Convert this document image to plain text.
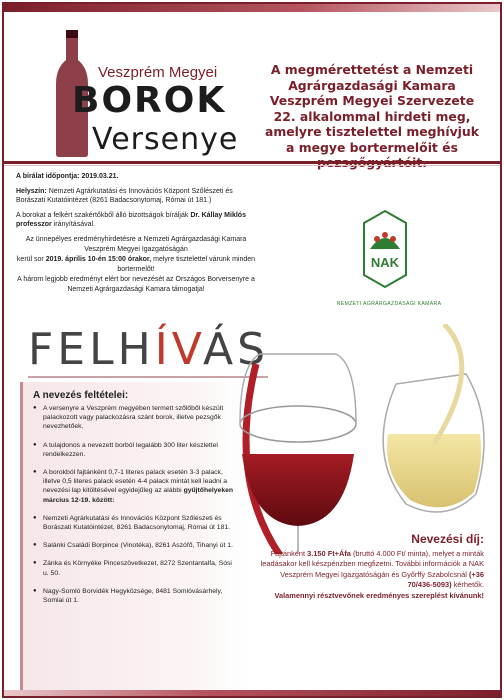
Veszprém Megyei
BOROK
Versenye
A megmérettetést a Nemzeti Agrárgazdasági Kamara Veszprém Megyei Szervezete 22. alkalommal hirdeti meg, amelyre tisztelettel meghívjuk a megye bortermelőit és

A bírálat időpontja: 2019.03.21.

Helyszín: Nemzeti Agrárkutatási és Innovációs Központ Szőlészeti és Borászati Kutatóintézet (8261 Badacsonytomaj, Római út 181.)

A borokat a felkért szakértőkből álló bizottságok bírálják Dr. Kállay Miklós professzor irányításával.

Az ünnepélyes eredményhirdetésre a Nemzeti Agrárgazdasági Kamara Veszprém Megyei Igazgatóságán

kerül sor 2019. április 10-én 15:00 órakor, melyre tisztelettel várunk minden bortermelőt!

A három legjobb eredményt elért bor nevezését az Országos Borversenyre a Nemzeti Agrárgazdasági Kamara támogatja!

NAK
NEMZETI AGRÁRGAZDASÁGI KAMARA
FELHÍVÁS
A nevezés feltételei:
● A versenyre a Veszprém megyében termett szőlőből készült palackozott vagy palackozásra szánt borok, illetve pezsgők nevezhetőek.
● A tulajdonos a nevezett borból legalább 300 liter készlettel rendelkezzen.
● A borokból fajtánként 0,7-1 literes palack esetén 3-3 palack, illetve 0,5 literes palack esetén 4-4 palack mintát kell leadni a nevezési lap kitöltésével egyidejűleg az alábbi gyűjtőhelyeken március 12-19. között:
● Nemzeti Agrárkutatási és Innovációs Központ Szőlészeti és Borászati Kutatóintézet, 8261 Badacsonytomaj, Római út 181.
● Salánki Családi Borpince (Vinotéka), 8261 Aszófő, Tihanyi út 1.
● Zánka és Környéke Pinceszövetkezet, 8272 Szentantalfa, Sósi u. 50.
● Nagy-Somló Borvidék Hegyközsége, 8481 Somlóvásárhely, Somlai út 1.
Nevezési díj:
Fajtánként 3.150 Ft+Áfa (bruttó 4.000 Ft/ minta), melyet a minták leadásakor kell készpénzben megfizetni. További információk a NAK Veszprém Megyei Igazgatóságán és Győrffy Szabolcsnál (+36 70/436-5093) kérhetők.
Valamennyi résztvevőnek eredményes szereplést kívánunk!
